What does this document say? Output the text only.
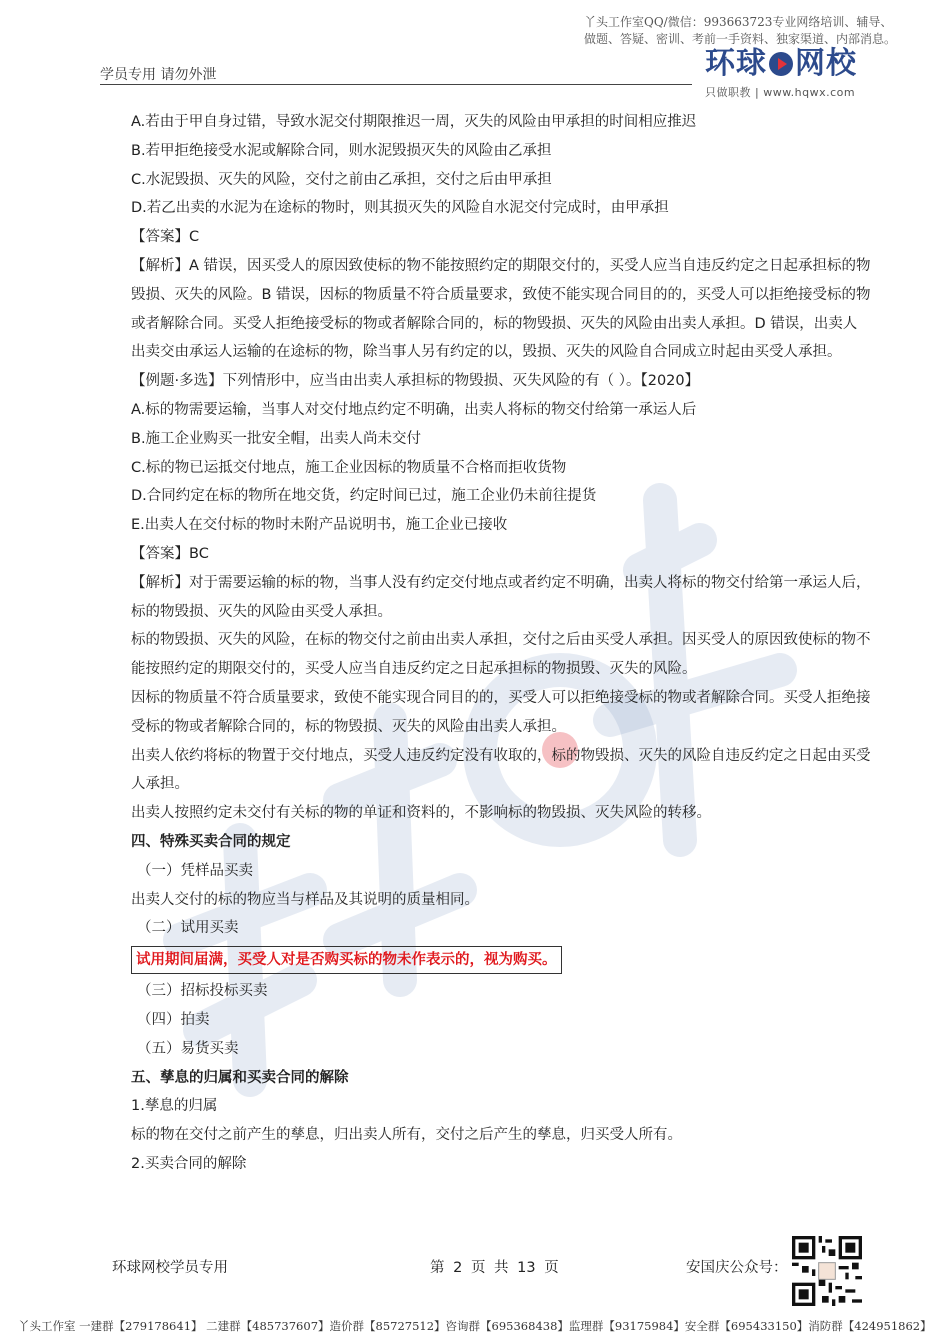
丫头工作室QQ/微信：993663723专业网络培训、辅导、做题、答疑、密训、考前一手资料、独家渠道、内部消息。
学员专用 请勿外泄	环球 网校
只做职教 | www.hqwx.com

A.若由于甲自身过错，导致水泥交付期限推迟一周，灭失的风险由甲承担的时间相应推迟

B.若甲拒绝接受水泥或解除合同，则水泥毁损灭失的风险由乙承担

C.水泥毁损、灭失的风险，交付之前由乙承担，交付之后由甲承担

D.若乙出卖的水泥为在途标的物时，则其损灭失的风险自水泥交付完成时，由甲承担

【答案】C

【解析】A 错误，因买受人的原因致使标的物不能按照约定的期限交付的，买受人应当自违反约定之日起承担标的物毁损、灭失的风险。B 错误，因标的物质量不符合质量要求，致使不能实现合同目的的，买受人可以拒绝接受标的物或者解除合同。买受人拒绝接受标的物或者解除合同的，标的物毁损、灭失的风险由出卖人承担。D 错误，出卖人出卖交由承运人运输的在途标的物，除当事人另有约定的以，毁损、灭失的风险自合同成立时起由买受人承担。

【例题·多选】下列情形中，应当由出卖人承担标的物毁损、灭失风险的有（ ）。【2020】

A.标的物需要运输，当事人对交付地点约定不明确，出卖人将标的物交付给第一承运人后

B.施工企业购买一批安全帽，出卖人尚未交付

C.标的物已运抵交付地点，施工企业因标的物质量不合格而拒收货物

D.合同约定在标的物所在地交货，约定时间已过，施工企业仍未前往提货

E.出卖人在交付标的物时未附产品说明书，施工企业已接收

【答案】BC

【解析】对于需要运输的标的物，当事人没有约定交付地点或者约定不明确，出卖人将标的物交付给第一承运人后，标的物毁损、灭失的风险由买受人承担。

标的物毁损、灭失的风险，在标的物交付之前由出卖人承担，交付之后由买受人承担。因买受人的原因致使标的物不能按照约定的期限交付的，买受人应当自违反约定之日起承担标的物损毁、灭失的风险。

因标的物质量不符合质量要求，致使不能实现合同目的的，买受人可以拒绝接受标的物或者解除合同。买受人拒绝接受标的物或者解除合同的，标的物毁损、灭失的风险由出卖人承担。

出卖人依约将标的物置于交付地点，买受人违反约定没有收取的，标的物毁损、灭失的风险自违反约定之日起由买受人承担。

出卖人按照约定未交付有关标的物的单证和资料的，不影响标的物毁损、灭失风险的转移。

四、特殊买卖合同的规定

（一）凭样品买卖

出卖人交付的标的物应当与样品及其说明的质量相同。

（二）试用买卖

试用期间届满，买受人对是否购买标的物未作表示的，视为购买。

（三）招标投标买卖

（四）拍卖

（五）易货买卖

五、孳息的归属和买卖合同的解除

1.孳息的归属

标的物在交付之前产生的孳息，归出卖人所有，交付之后产生的孳息，归买受人所有。

2.买卖合同的解除

环球网校学员专用	第 2 页 共 13 页	安国庆公众号：
丫头工作室 一建群【279178641】 二建群【485737607】造价群【85727512】咨询群【695368438】监理群【93175984】安全群【695433150】消防群【424951862】
